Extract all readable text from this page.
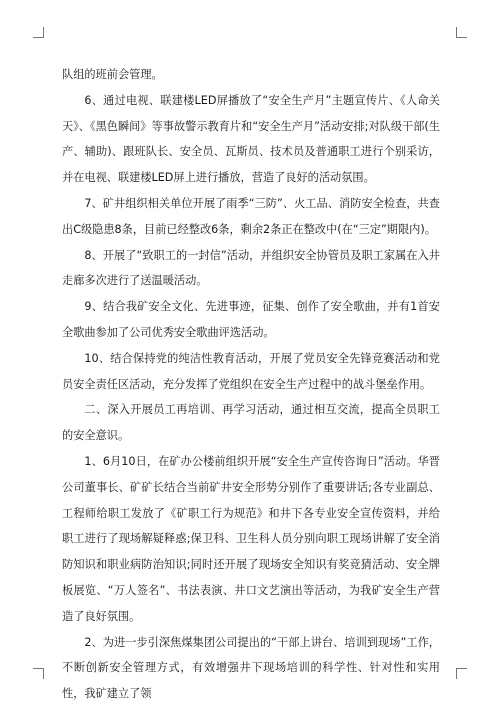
队组的班前会管理。

6、通过电视、联建楼LED屏播放了“安全生产月”主题宣传片、《人命关天》、《黑色瞬间》等事故警示教育片和“安全生产月”活动安排;对队级干部(生产、辅助)、跟班队长、安全员、瓦斯员、技术员及普通职工进行个别采访，并在电视、联建楼LED屏上进行播放，营造了良好的活动氛围。

7、矿井组织相关单位开展了雨季“三防”、火工品、消防安全检查，共查出C级隐患8条，目前已经整改6条，剩余2条正在整改中(在“三定”期限内)。

8、开展了“致职工的一封信”活动，并组织安全协管员及职工家属在入井走廊多次进行了送温暖活动。

9、结合我矿安全文化、先进事迹，征集、创作了安全歌曲，并有1首安全歌曲参加了公司优秀安全歌曲评选活动。

10、结合保持党的纯洁性教育活动，开展了党员安全先锋竞赛活动和党员安全责任区活动，充分发挥了党组织在安全生产过程中的战斗堡垒作用。

二、深入开展员工再培训、再学习活动，通过相互交流，提高全员职工的安全意识。

1、6月10日，在矿办公楼前组织开展“安全生产宣传咨询日”活动。华晋公司董事长、矿矿长结合当前矿井安全形势分别作了重要讲话;各专业副总、工程师给职工发放了《矿职工行为规范》和井下各专业安全宣传资料，并给职工进行了现场解疑释惑;保卫科、卫生科人员分别向职工现场讲解了安全消防知识和职业病防治知识;同时还开展了现场安全知识有奖竞猜活动、安全牌板展览、“万人签名”、书法表演、井口文艺演出等活动，为我矿安全生产营造了良好氛围。

2、为进一步引深焦煤集团公司提出的“干部上讲台、培训到现场”工作，不断创新安全管理方式，有效增强井下现场培训的科学性、针对性和实用性，我矿建立了领
